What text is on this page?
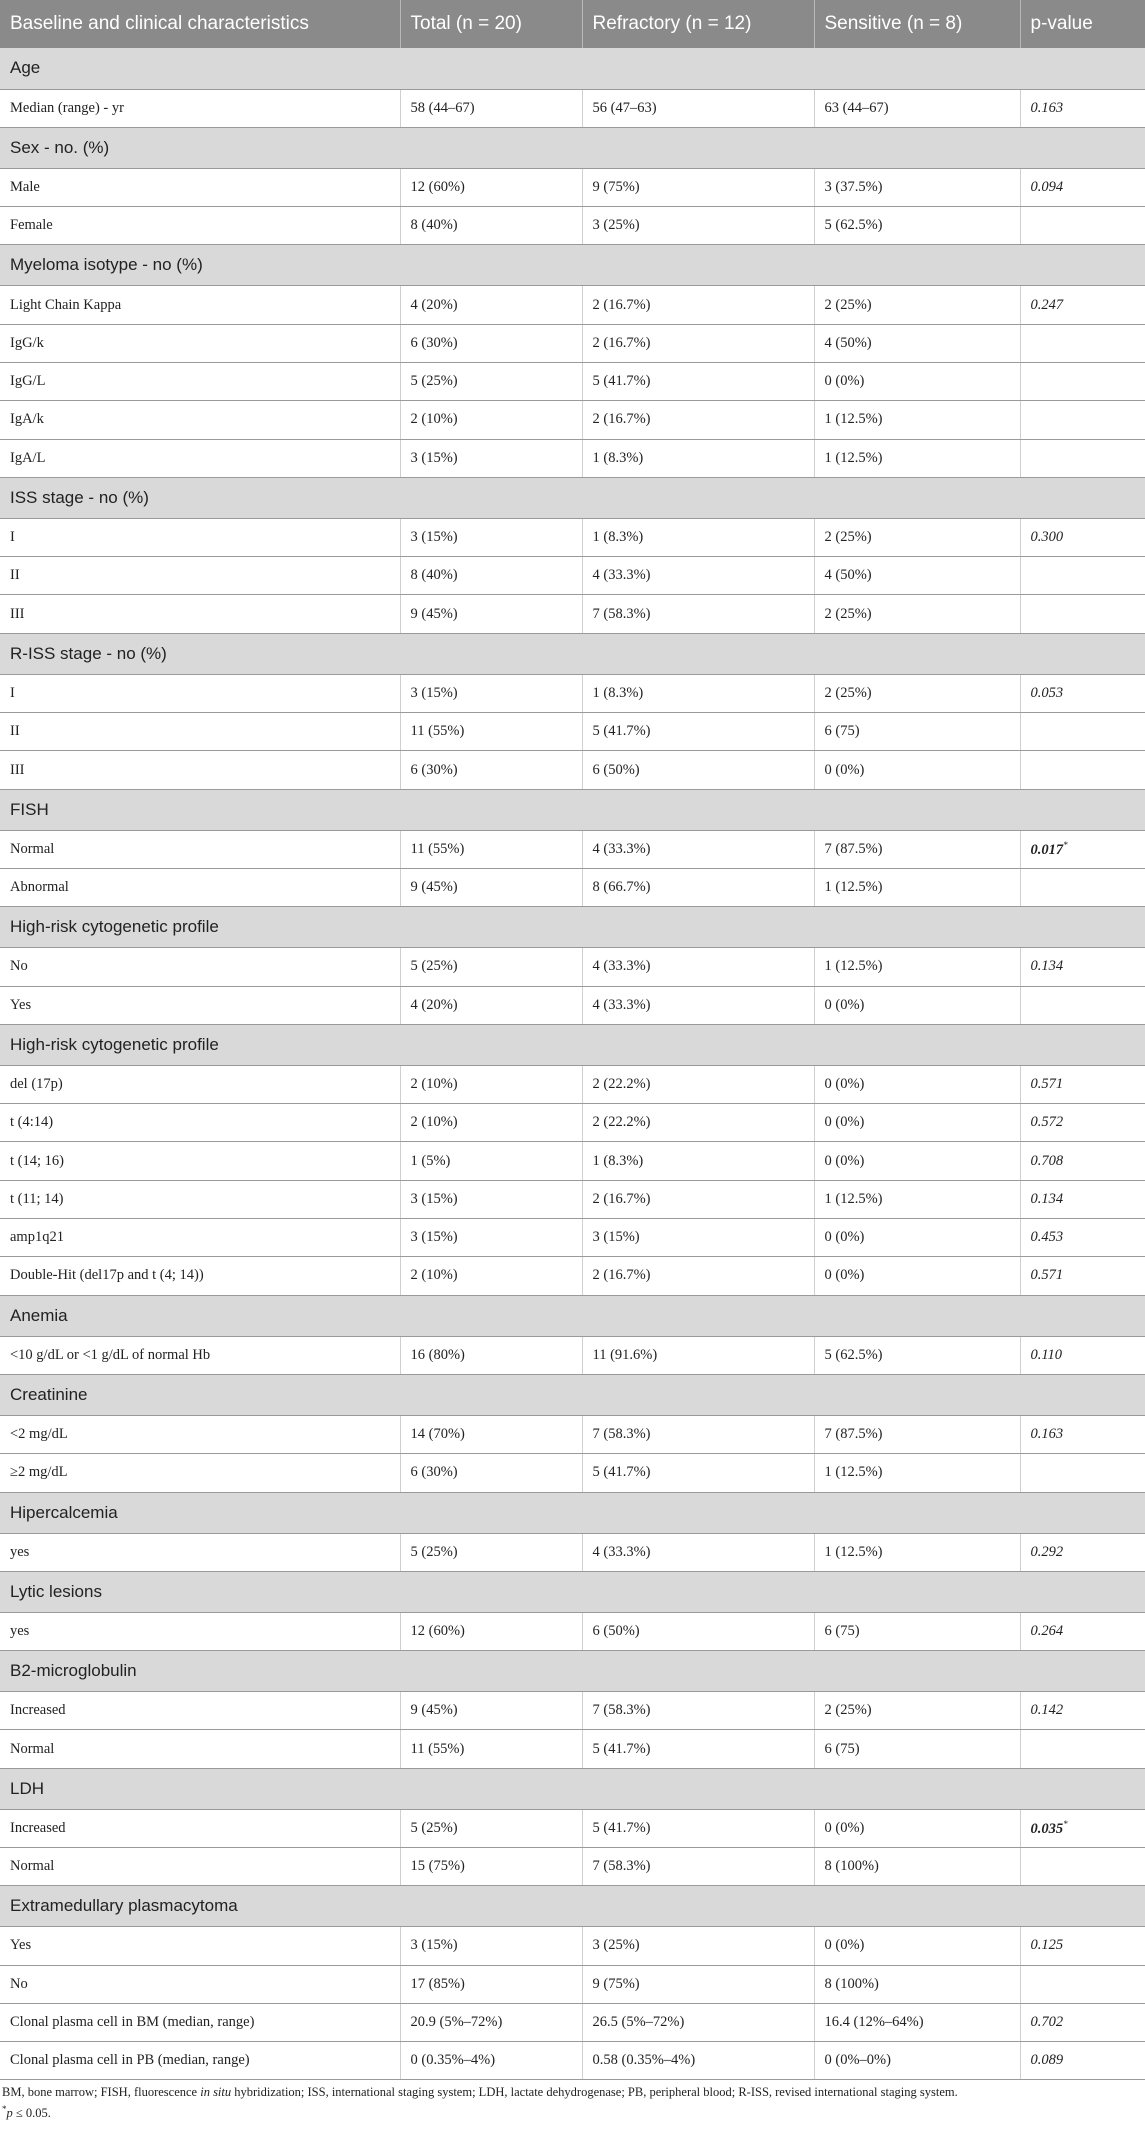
Baseline and clinical characteristics	Total (n = 20)	Refractory (n = 12)	Sensitive (n = 8)	p-value
Age				
Median (range) - yr	58 (44–67)	56 (47–63)	63 (44–67)	0.163
Sex - no. (%)				
Male	12 (60%)	9 (75%)	3 (37.5%)	0.094
Female	8 (40%)	3 (25%)	5 (62.5%)	
Myeloma isotype - no (%)				
Light Chain Kappa	4 (20%)	2 (16.7%)	2 (25%)	0.247
IgG/k	6 (30%)	2 (16.7%)	4 (50%)	
IgG/L	5 (25%)	5 (41.7%)	0 (0%)	
IgA/k	2 (10%)	2 (16.7%)	1 (12.5%)	
IgA/L	3 (15%)	1 (8.3%)	1 (12.5%)	
ISS stage - no (%)				
I	3 (15%)	1 (8.3%)	2 (25%)	0.300
II	8 (40%)	4 (33.3%)	4 (50%)	
III	9 (45%)	7 (58.3%)	2 (25%)	
R-ISS stage - no (%)				
I	3 (15%)	1 (8.3%)	2 (25%)	0.053
II	11 (55%)	5 (41.7%)	6 (75)	
III	6 (30%)	6 (50%)	0 (0%)	
FISH				
Normal	11 (55%)	4 (33.3%)	7 (87.5%)	0.017*
Abnormal	9 (45%)	8 (66.7%)	1 (12.5%)	
High-risk cytogenetic profile				
No	5 (25%)	4 (33.3%)	1 (12.5%)	0.134
Yes	4 (20%)	4 (33.3%)	0 (0%)	
High-risk cytogenetic profile				
del (17p)	2 (10%)	2 (22.2%)	0 (0%)	0.571
t (4:14)	2 (10%)	2 (22.2%)	0 (0%)	0.572
t (14; 16)	1 (5%)	1 (8.3%)	0 (0%)	0.708
t (11; 14)	3 (15%)	2 (16.7%)	1 (12.5%)	0.134
amp1q21	3 (15%)	3 (15%)	0 (0%)	0.453
Double-Hit (del17p and t (4; 14))	2 (10%)	2 (16.7%)	0 (0%)	0.571
Anemia				
<10 g/dL or <1 g/dL of normal Hb	16 (80%)	11 (91.6%)	5 (62.5%)	0.110
Creatinine				
<2 mg/dL	14 (70%)	7 (58.3%)	7 (87.5%)	0.163
≥2 mg/dL	6 (30%)	5 (41.7%)	1 (12.5%)	
Hipercalcemia				
yes	5 (25%)	4 (33.3%)	1 (12.5%)	0.292
Lytic lesions				
yes	12 (60%)	6 (50%)	6 (75)	0.264
B2-microglobulin				
Increased	9 (45%)	7 (58.3%)	2 (25%)	0.142
Normal	11 (55%)	5 (41.7%)	6 (75)	
LDH				
Increased	5 (25%)	5 (41.7%)	0 (0%)	0.035*
Normal	15 (75%)	7 (58.3%)	8 (100%)	
Extramedullary plasmacytoma				
Yes	3 (15%)	3 (25%)	0 (0%)	0.125
No	17 (85%)	9 (75%)	8 (100%)	
Clonal plasma cell in BM (median, range)	20.9 (5%–72%)	26.5 (5%–72%)	16.4 (12%–64%)	0.702
Clonal plasma cell in PB (median, range)	0 (0.35%–4%)	0.58 (0.35%–4%)	0 (0%–0%)	0.089
BM, bone marrow; FISH, fluorescence in situ hybridization; ISS, international staging system; LDH, lactate dehydrogenase; PB, peripheral blood; R-ISS, revised international staging system.
*p ≤ 0.05.
